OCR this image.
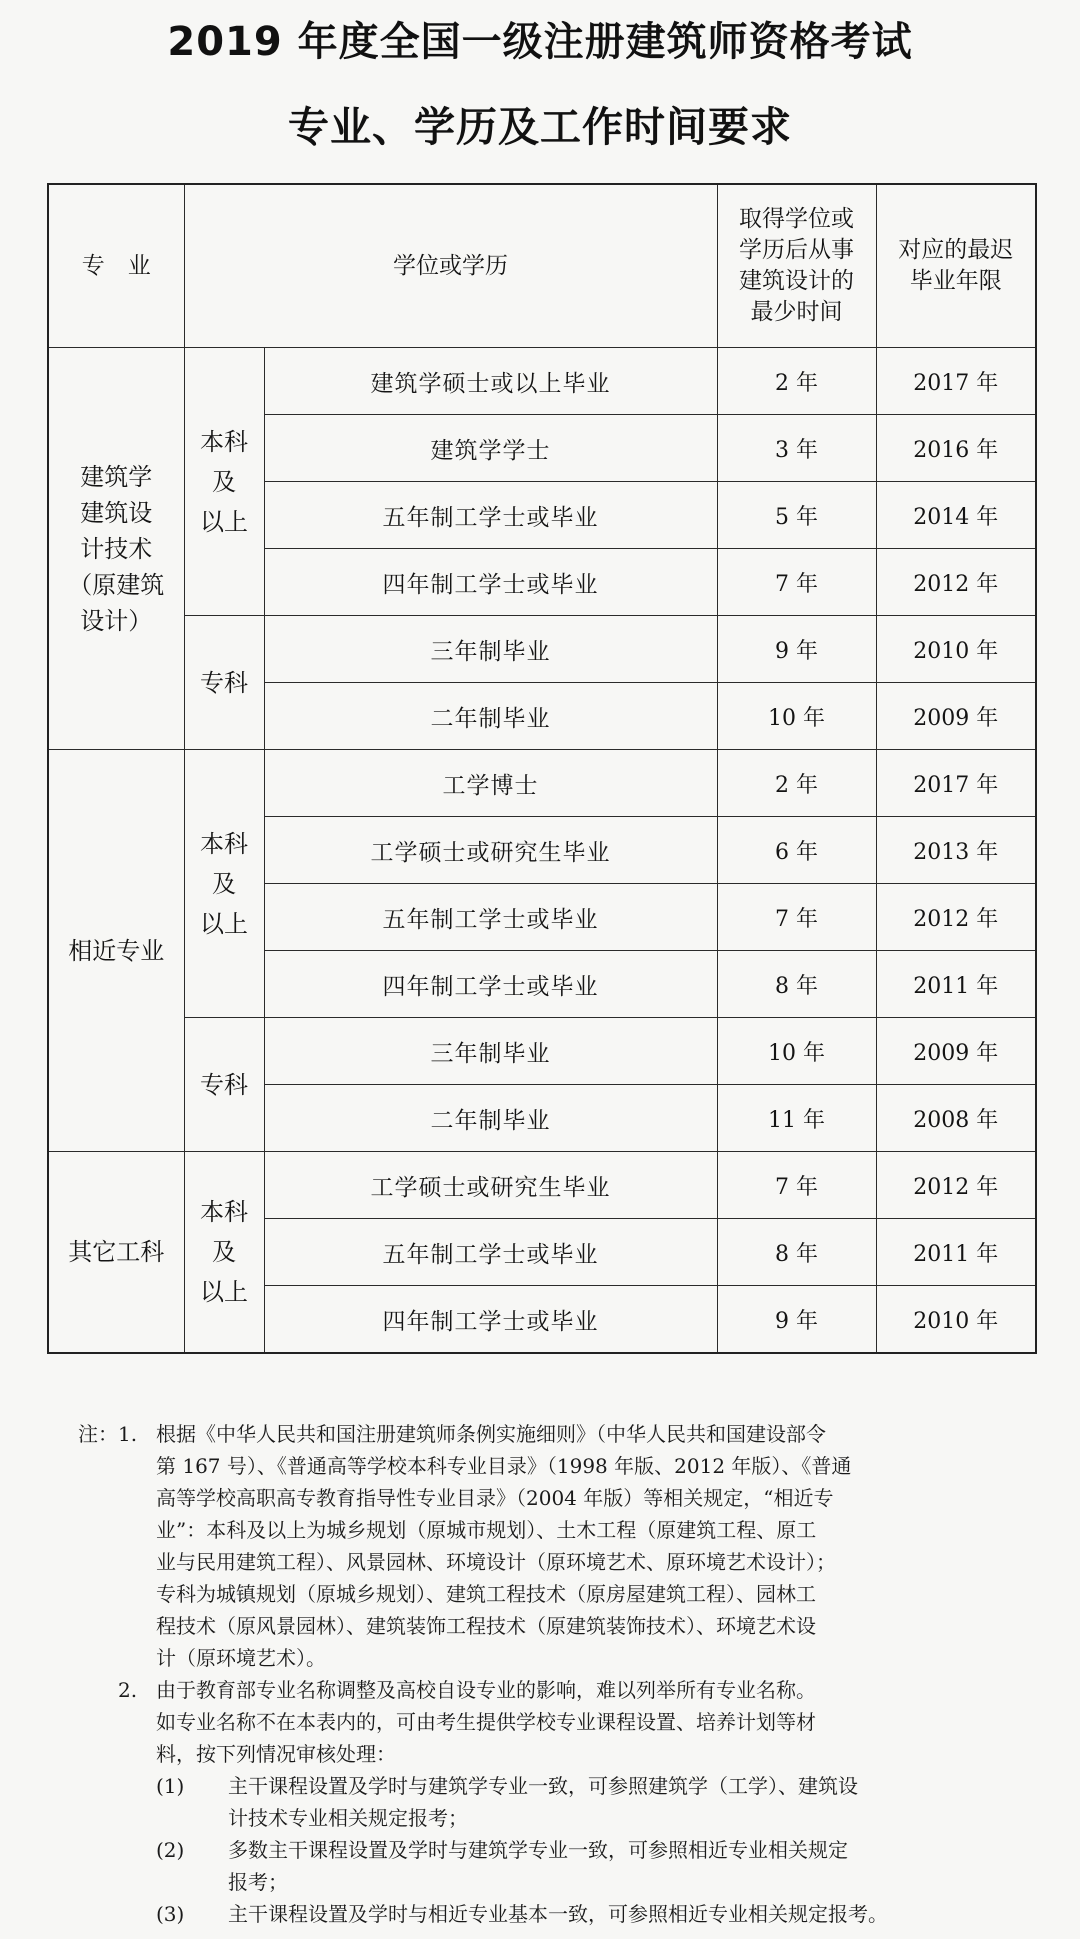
2019 年度全国一级注册建筑师资格考试
专业、学历及工作时间要求
专　业	学位或学历		取得学位或
学历后从事
建筑设计的
最少时间	对应的最迟
毕业年限
建筑学
建筑设
计技术
（原建筑
设计）	本科
及
以上	建筑学硕士或以上毕业	2 年	2017 年
		建筑学学士	3 年	2016 年
		五年制工学士或毕业	5 年	2014 年
		四年制工学士或毕业	7 年	2012 年
	专科	三年制毕业	9 年	2010 年
		二年制毕业	10 年	2009 年
相近专业	本科
及
以上	工学博士	2 年	2017 年
		工学硕士或研究生毕业	6 年	2013 年
		五年制工学士或毕业	7 年	2012 年
		四年制工学士或毕业	8 年	2011 年
	专科	三年制毕业	10 年	2009 年
		二年制毕业	11 年	2008 年
其它工科	本科
及
以上	工学硕士或研究生毕业	7 年	2012 年
		五年制工学士或毕业	8 年	2011 年
		四年制工学士或毕业	9 年	2010 年
注：1. 根据《中华人民共和国注册建筑师条例实施细则》（中华人民共和国建设部令
第 167 号）、《普通高等学校本科专业目录》（1998 年版、2012 年版）、《普通
高等学校高职高专教育指导性专业目录》（2004 年版）等相关规定，“相近专
业”：本科及以上为城乡规划（原城市规划）、土木工程（原建筑工程、原工
业与民用建筑工程）、风景园林、环境设计（原环境艺术、原环境艺术设计）；
专科为城镇规划（原城乡规划）、建筑工程技术（原房屋建筑工程）、园林工
程技术（原风景园林）、建筑装饰工程技术（原建筑装饰技术）、环境艺术设
计（原环境艺术）。
　　2. 由于教育部专业名称调整及高校自设专业的影响，难以列举所有专业名称。
如专业名称不在本表内的，可由考生提供学校专业课程设置、培养计划等材
料，按下列情况审核处理：
(1)	主干课程设置及学时与建筑学专业一致，可参照建筑学（工学）、建筑设
计技术专业相关规定报考；
(2)	多数主干课程设置及学时与建筑学专业一致，可参照相近专业相关规定
报考；
(3)	主干课程设置及学时与相近专业基本一致，可参照相近专业相关规定报考。
